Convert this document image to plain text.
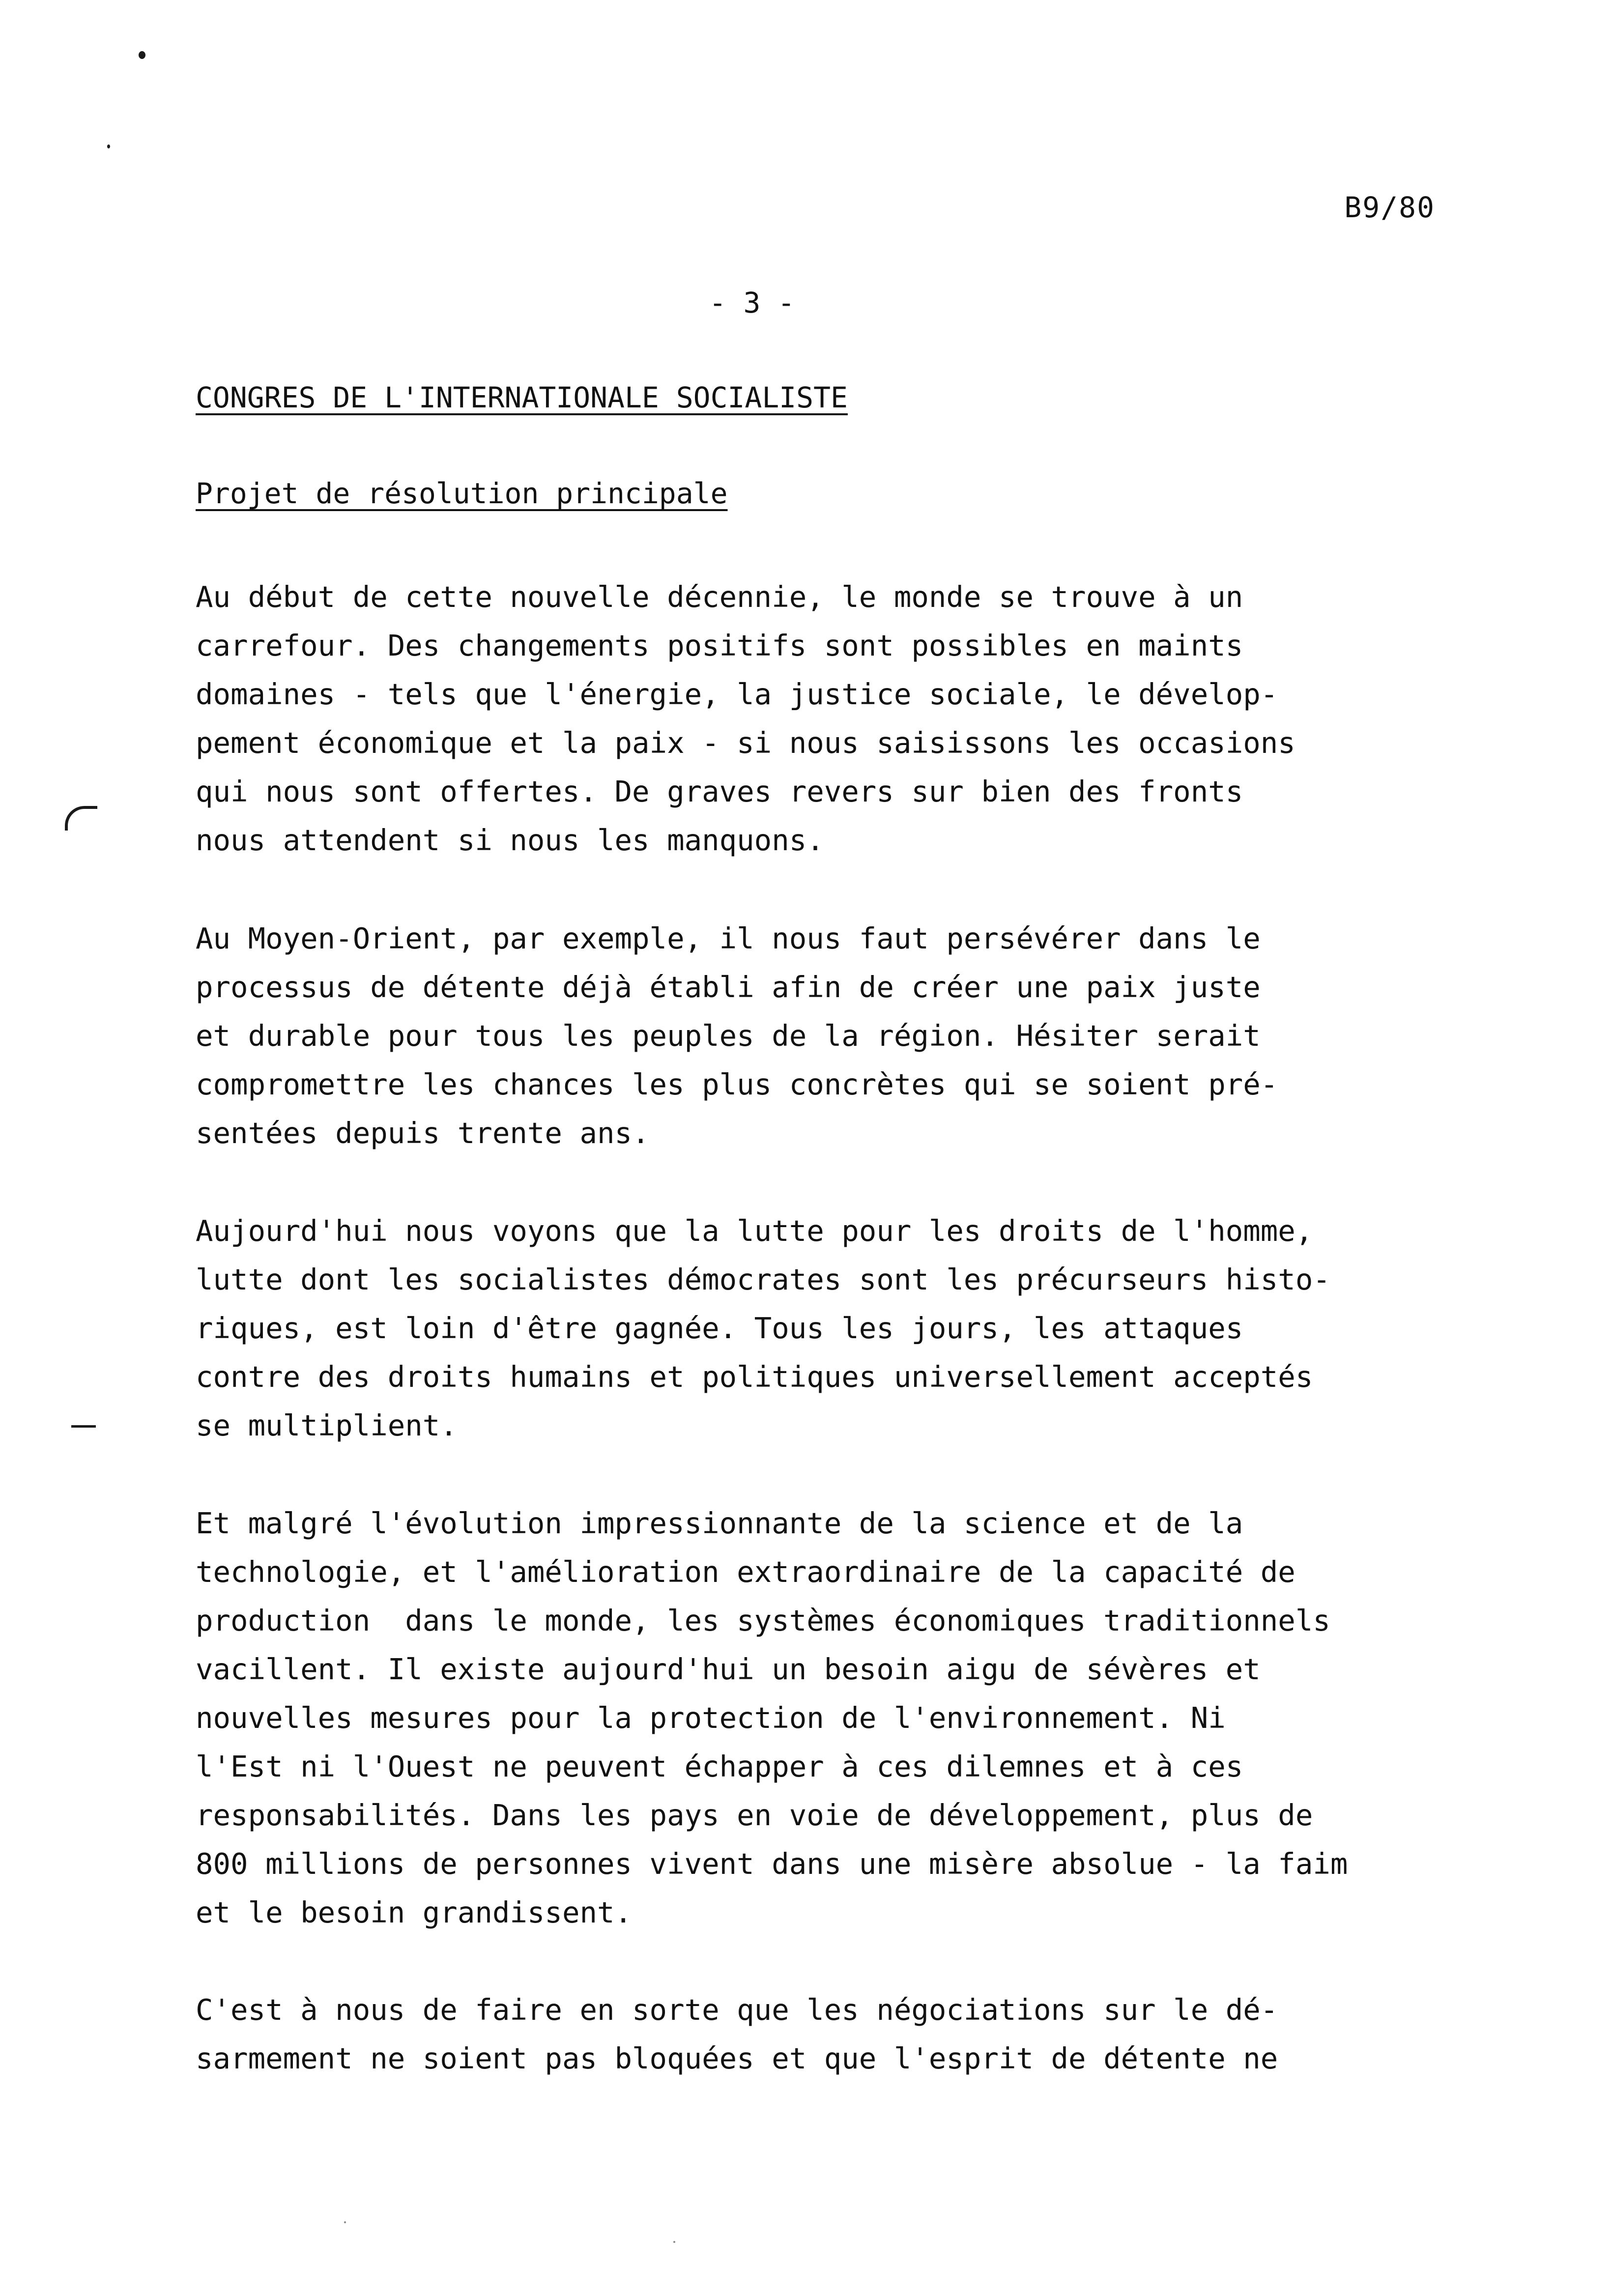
B9/80
- 3 -
CONGRES DE L'INTERNATIONALE SOCIALISTE
Projet de résolution principale
Au début de cette nouvelle décennie, le monde se trouve à un
carrefour. Des changements positifs sont possibles en maints
domaines - tels que l'énergie, la justice sociale, le dévelop-
pement économique et la paix - si nous saisissons les occasions
qui nous sont offertes. De graves revers sur bien des fronts
nous attendent si nous les manquons.
Au Moyen-Orient, par exemple, il nous faut persévérer dans le
processus de détente déjà établi afin de créer une paix juste
et durable pour tous les peuples de la région. Hésiter serait
compromettre les chances les plus concrètes qui se soient pré-
sentées depuis trente ans.
Aujourd'hui nous voyons que la lutte pour les droits de l'homme,
lutte dont les socialistes démocrates sont les précurseurs histo-
riques, est loin d'être gagnée. Tous les jours, les attaques
contre des droits humains et politiques universellement acceptés
se multiplient.
Et malgré l'évolution impressionnante de la science et de la
technologie, et l'amélioration extraordinaire de la capacité de
production  dans le monde, les systèmes économiques traditionnels
vacillent. Il existe aujourd'hui un besoin aigu de sévères et
nouvelles mesures pour la protection de l'environnement. Ni
l'Est ni l'Ouest ne peuvent échapper à ces dilemnes et à ces
responsabilités. Dans les pays en voie de développement, plus de
800 millions de personnes vivent dans une misère absolue - la faim
et le besoin grandissent.
C'est à nous de faire en sorte que les négociations sur le dé-
sarmement ne soient pas bloquées et que l'esprit de détente ne
